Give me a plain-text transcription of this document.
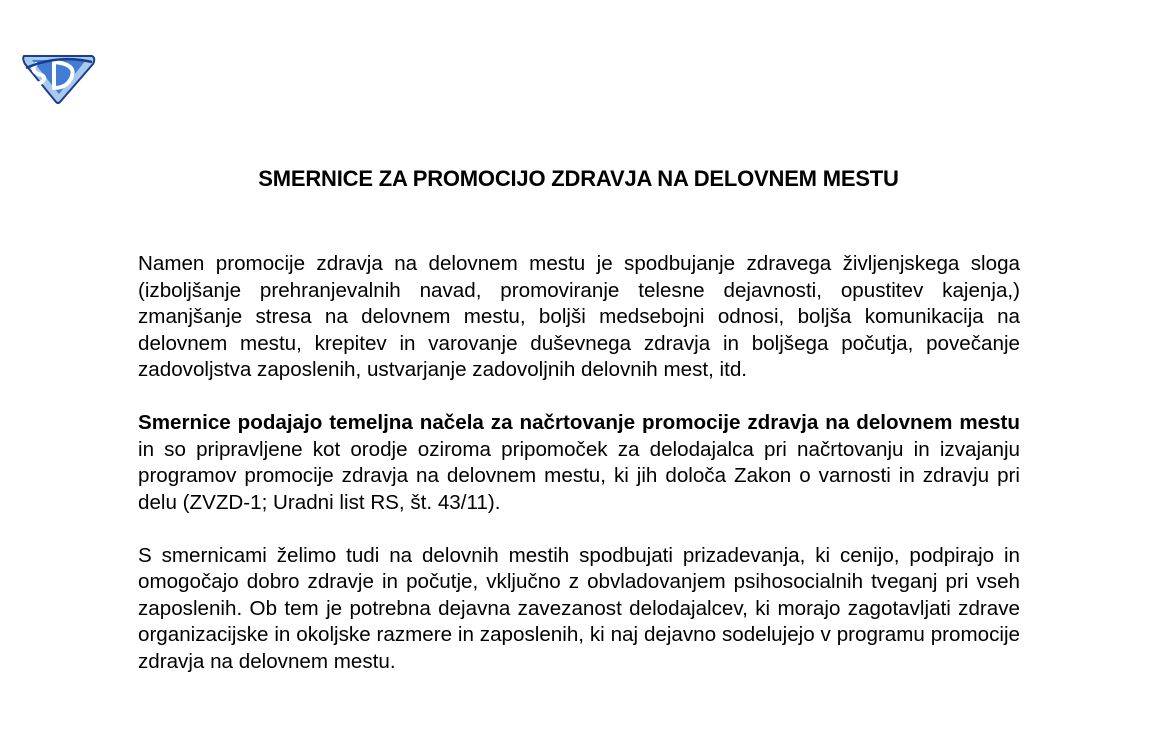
SMERNICE ZA PROMOCIJO ZDRAVJA NA DELOVNEM MESTU

Namen promocije zdravja na delovnem mestu je spodbujanje zdravega življenjskega sloga (izboljšanje prehranjevalnih navad, promoviranje telesne dejavnosti, opustitev kajenja,) zmanjšanje stresa na delovnem mestu, boljši medsebojni odnosi, boljša komunikacija na delovnem mestu, krepitev in varovanje duševnega zdravja in boljšega počutja, povečanje zadovoljstva zaposlenih, ustvarjanje zadovoljnih delovnih mest, itd.

Smernice podajajo temeljna načela za načrtovanje promocije zdravja na delovnem mestu in so pripravljene kot orodje oziroma pripomoček za delodajalca pri načrtovanju in izvajanju programov promocije zdravja na delovnem mestu, ki jih določa Zakon o varnosti in zdravju pri delu (ZVZD-1; Uradni list RS, št. 43/11).

S smernicami želimo tudi na delovnih mestih spodbujati prizadevanja, ki cenijo, podpirajo in omogočajo dobro zdravje in počutje, vključno z obvladovanjem psihosocialnih tveganj pri vseh zaposlenih. Ob tem je potrebna dejavna zavezanost delodajalcev, ki morajo zagotavljati zdrave organizacijske in okoljske razmere in zaposlenih, ki naj dejavno sodelujejo v programu promocije zdravja na delovnem mestu.
